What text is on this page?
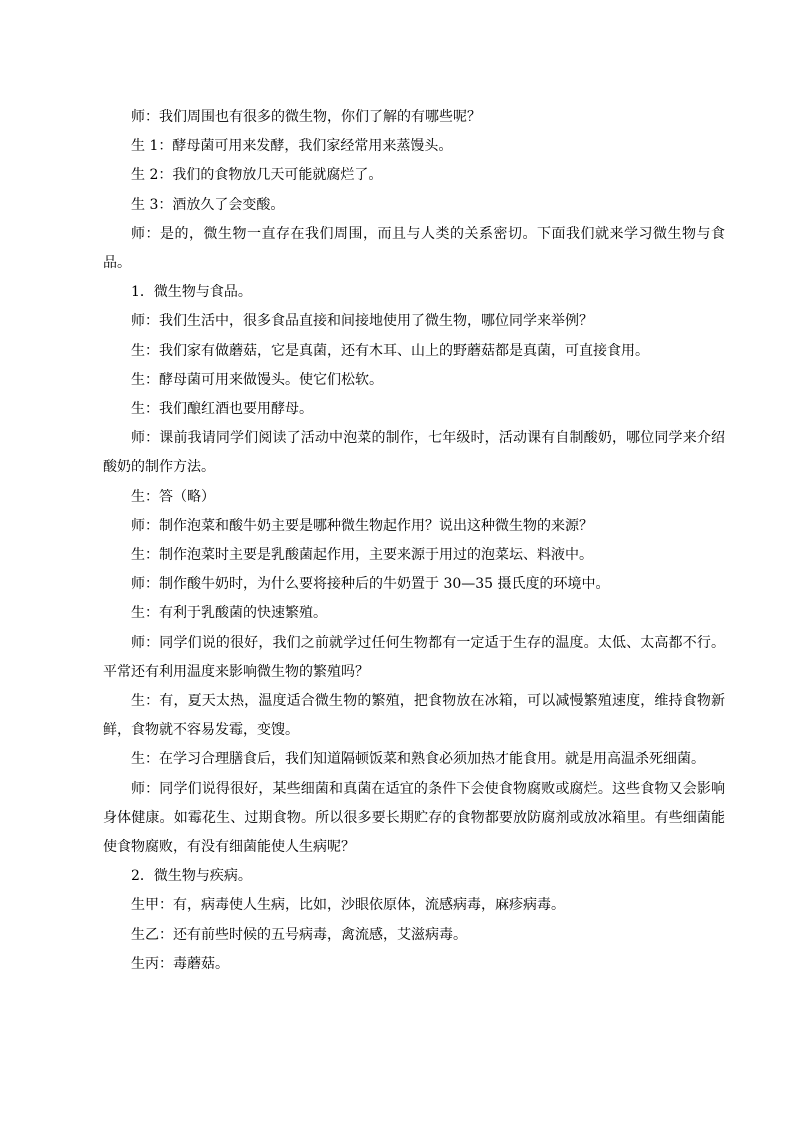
师：我们周围也有很多的微生物，你们了解的有哪些呢？

生 1：酵母菌可用来发酵，我们家经常用来蒸馒头。

生 2：我们的食物放几天可能就腐烂了。

生 3：酒放久了会变酸。

师：是的，微生物一直存在我们周围，而且与人类的关系密切。下面我们就来学习微生物与食品。

1．微生物与食品。

师：我们生活中，很多食品直接和间接地使用了微生物，哪位同学来举例？

生：我们家有做蘑菇，它是真菌，还有木耳、山上的野蘑菇都是真菌，可直接食用。

生：酵母菌可用来做馒头。使它们松软。

生：我们酿红酒也要用酵母。

师：课前我请同学们阅读了活动中泡菜的制作，七年级时，活动课有自制酸奶，哪位同学来介绍酸奶的制作方法。

生：答（略）

师：制作泡菜和酸牛奶主要是哪种微生物起作用？说出这种微生物的来源？

生：制作泡菜时主要是乳酸菌起作用，主要来源于用过的泡菜坛、料液中。

师：制作酸牛奶时，为什么要将接种后的牛奶置于 30—35 摄氏度的环境中。

生：有利于乳酸菌的快速繁殖。

师：同学们说的很好，我们之前就学过任何生物都有一定适于生存的温度。太低、太高都不行。平常还有利用温度来影响微生物的繁殖吗？

生：有，夏天太热，温度适合微生物的繁殖，把食物放在冰箱，可以减慢繁殖速度，维持食物新鲜，食物就不容易发霉，变馊。

生：在学习合理膳食后，我们知道隔顿饭菜和熟食必须加热才能食用。就是用高温杀死细菌。

师：同学们说得很好，某些细菌和真菌在适宜的条件下会使食物腐败或腐烂。这些食物又会影响身体健康。如霉花生、过期食物。所以很多要长期贮存的食物都要放防腐剂或放冰箱里。有些细菌能使食物腐败，有没有细菌能使人生病呢？

2．微生物与疾病。

生甲：有，病毒使人生病，比如，沙眼依原体，流感病毒，麻疹病毒。

生乙：还有前些时候的五号病毒，禽流感，艾滋病毒。

生丙：毒蘑菇。
